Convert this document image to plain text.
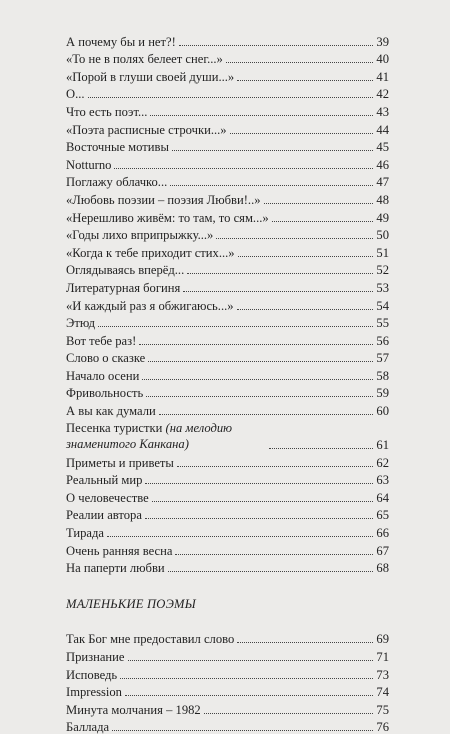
А почему бы и нет?!	39
«То не в полях белеет снег...»	40
«Порой в глуши своей души...»	41
О...	42
Что есть поэт...	43
«Поэта расписные строчки...»	44
Восточные мотивы	45
Notturno	46
Поглажу облачко...	47
«Любовь поэзии – поэзия Любви!..»	48
«Нерешливо живём: то там, то сям...»	49
«Годы лихо вприпрыжку...»	50
«Когда к тебе приходит стих...»	51
Оглядываясь вперёд...	52
Литературная богиня	53
«И каждый раз я обжигаюсь...»	54
Этюд	55
Вот тебе раз!	56
Слово о сказке	57
Начало осени	58
Фривольность	59
А вы как думали	60
Песенка туристки (на мелодию знаменитого Канкана)	61
Приметы и приветы	62
Реальный мир	63
О человечестве	64
Реалии автора	65
Тирада	66
Очень ранняя весна	67
На паперти любви	68
МАЛЕНЬКИЕ ПОЭМЫ
Так Бог мне предоставил слово	69
Признание	71
Исповедь	73
Impression	74
Минута молчания – 1982	75
Баллада	76
